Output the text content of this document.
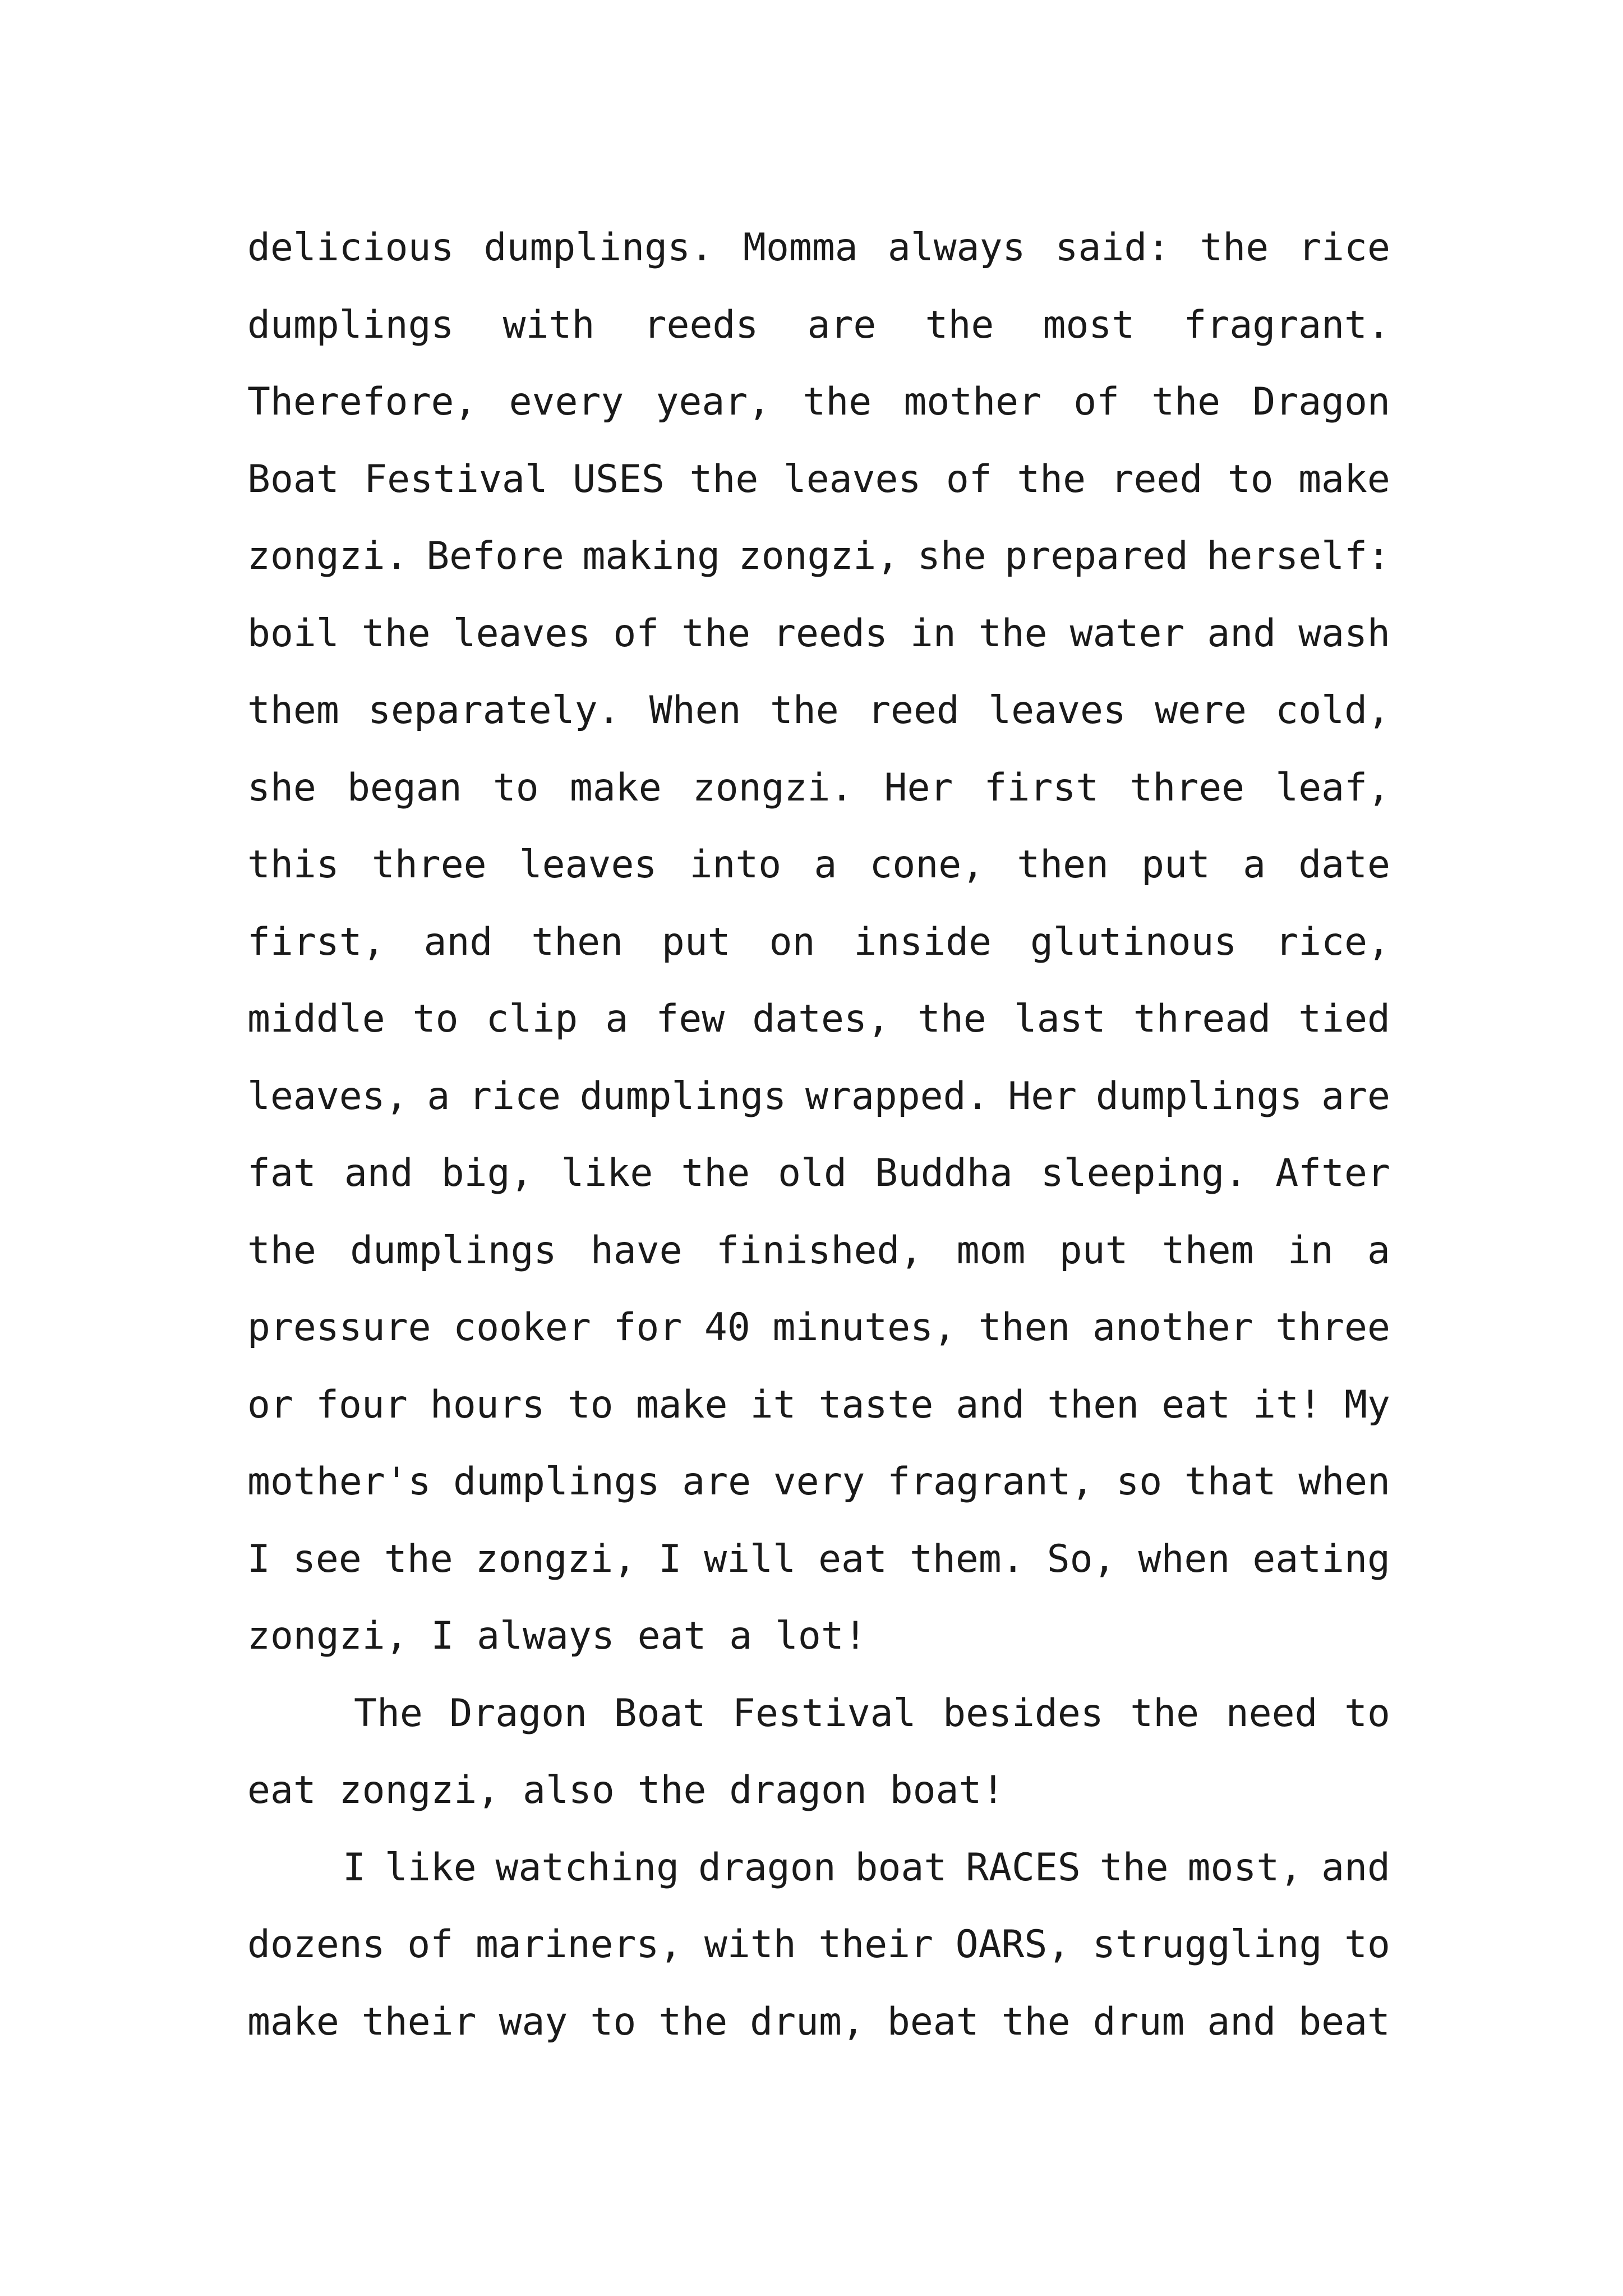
delicious dumplings. Momma always said: the rice
dumplings with reeds are the most fragrant.
Therefore, every year, the mother of the Dragon
Boat Festival USES the leaves of the reed to make
zongzi. Before making zongzi, she prepared herself:
boil the leaves of the reeds in the water and wash
them separately. When the reed leaves were cold,
she began to make zongzi. Her first three leaf,
this three leaves into a cone, then put a date
first, and then put on inside glutinous rice,
middle to clip a few dates, the last thread tied
leaves, a rice dumplings wrapped. Her dumplings are
fat and big, like the old Buddha sleeping. After
the dumplings have finished, mom put them in a
pressure cooker for 40 minutes, then another three
or four hours to make it taste and then eat it! My
mother's dumplings are very fragrant, so that when
I see the zongzi, I will eat them. So, when eating
zongzi, I always eat a lot!
The Dragon Boat Festival besides the need to
eat zongzi, also the dragon boat!
I like watching dragon boat RACES the most, and
dozens of mariners, with their OARS, struggling to
make their way to the drum, beat the drum and beat
